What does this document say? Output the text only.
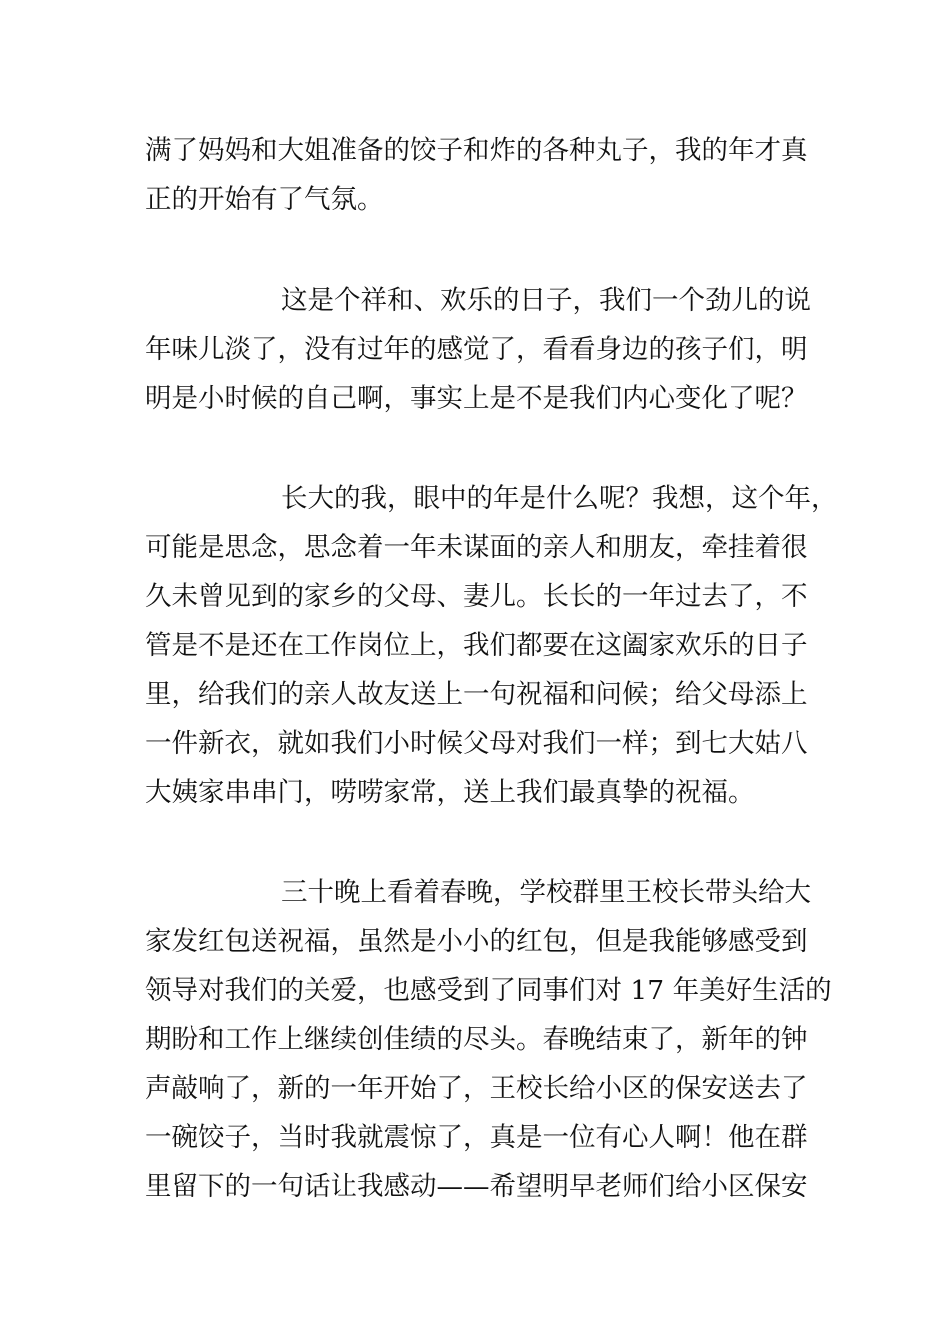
满了妈妈和大姐准备的饺子和炸的各种丸子，我的年才真
正的开始有了气氛。

这是个祥和、欢乐的日子，我们一个劲儿的说
年味儿淡了，没有过年的感觉了，看看身边的孩子们，明
明是小时候的自己啊，事实上是不是我们内心变化了呢？

长大的我，眼中的年是什么呢？我想，这个年，
可能是思念，思念着一年未谋面的亲人和朋友，牵挂着很
久未曾见到的家乡的父母、妻儿。长长的一年过去了，不
管是不是还在工作岗位上，我们都要在这阖家欢乐的日子
里，给我们的亲人故友送上一句祝福和问候；给父母添上
一件新衣，就如我们小时候父母对我们一样；到七大姑八
大姨家串串门，唠唠家常，送上我们最真挚的祝福。

三十晚上看着春晚，学校群里王校长带头给大
家发红包送祝福，虽然是小小的红包，但是我能够感受到
领导对我们的关爱，也感受到了同事们对 17 年美好生活的
期盼和工作上继续创佳绩的尽头。春晚结束了，新年的钟
声敲响了，新的一年开始了，王校长给小区的保安送去了
一碗饺子，当时我就震惊了，真是一位有心人啊！他在群
里留下的一句话让我感动——希望明早老师们给小区保安
